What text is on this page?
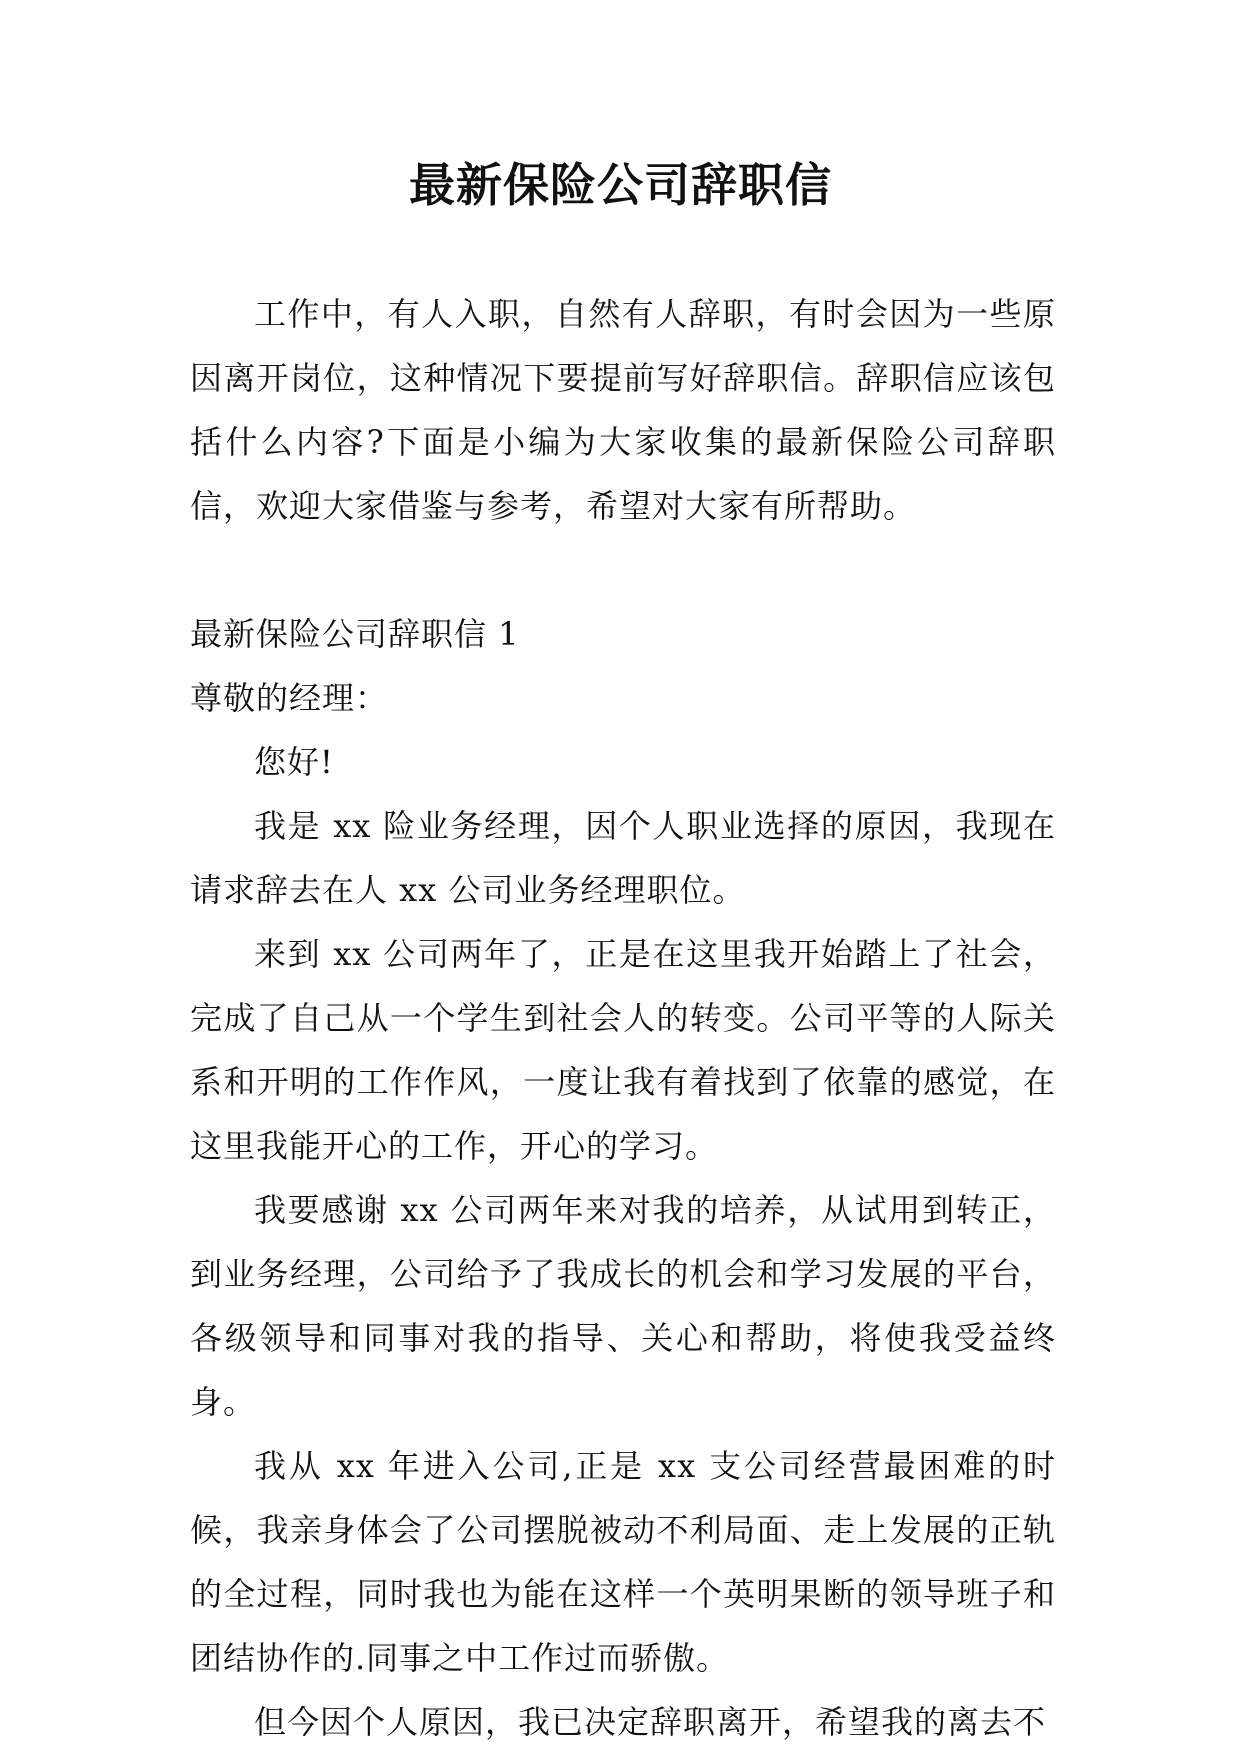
最新保险公司辞职信

工作中，有人入职，自然有人辞职，有时会因为一些原因离开岗位，这种情况下要提前写好辞职信。辞职信应该包括什么内容?下面是小编为大家收集的最新保险公司辞职信，欢迎大家借鉴与参考，希望对大家有所帮助。

最新保险公司辞职信 1

尊敬的经理：

您好!

我是 xx 险业务经理，因个人职业选择的原因，我现在请求辞去在人 xx 公司业务经理职位。

来到 xx 公司两年了，正是在这里我开始踏上了社会，完成了自己从一个学生到社会人的转变。公司平等的人际关系和开明的工作作风，一度让我有着找到了依靠的感觉，在这里我能开心的工作，开心的学习。

我要感谢 xx 公司两年来对我的培养，从试用到转正，到业务经理，公司给予了我成长的机会和学习发展的平台，各级领导和同事对我的指导、关心和帮助，将使我受益终身。

我从 xx 年进入公司,正是 xx 支公司经营最困难的时候，我亲身体会了公司摆脱被动不利局面、走上发展的正轨的全过程，同时我也为能在这样一个英明果断的领导班子和团结协作的.同事之中工作过而骄傲。

但今因个人原因，我已决定辞职离开，希望我的离去不
